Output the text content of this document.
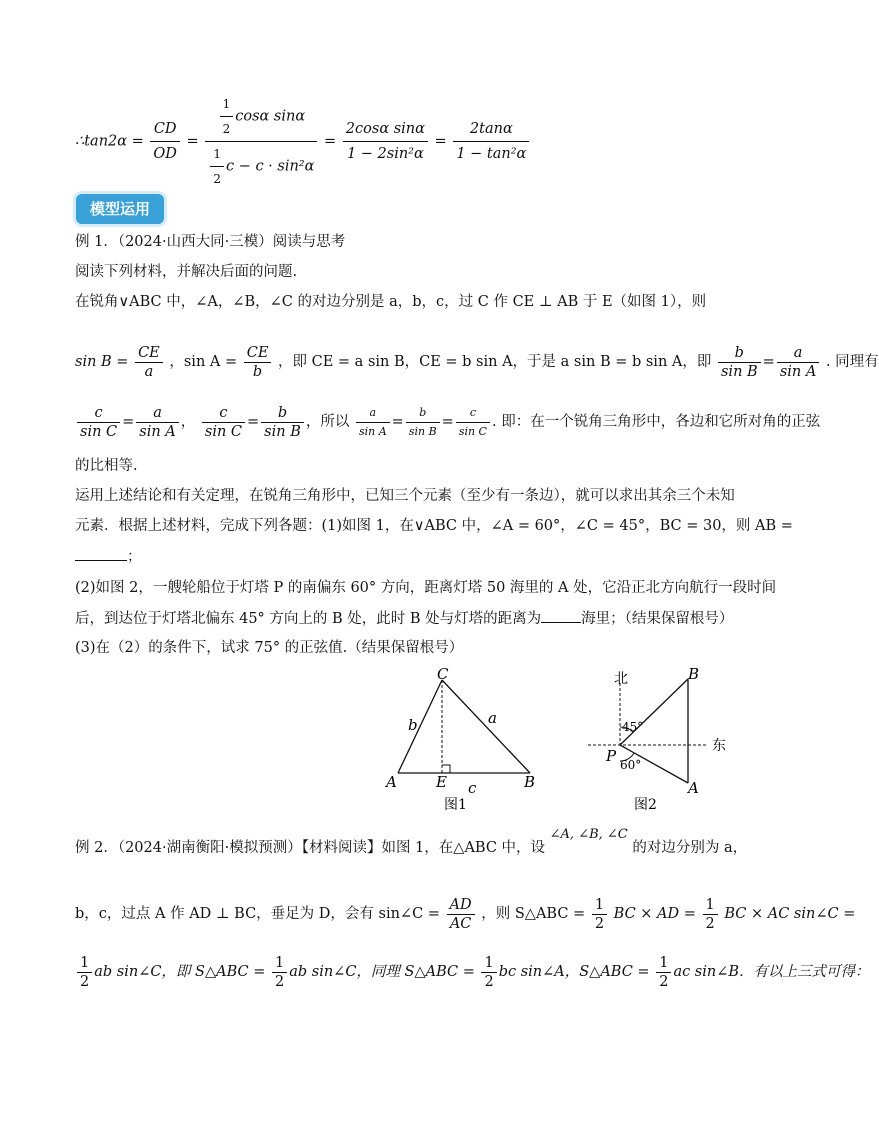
∴tan2α = $\frac{CD}{OD} = \frac{\frac{1}{2} \cos\alpha \sin\alpha}{\frac{1}{2} c - c \cdot \sin^2\alpha} = \frac{\text{2cosα sinα}}{\text{1 − 2sin²α}} = \frac{2\tan\alpha}{\text{1 − tan²α}}$
模型运用
例 1．（2024·山西大同·三模）阅读与思考
阅读下列材料，并解决后面的问题.
在锐角∨ABC 中，∠A，∠B，∠C 的对边分别是 a，b，c，过 C 作 CE ⊥ AB 于 E（如图 1），则
$\sin B = \frac{CE}{a}$ ，$\sin A = \frac{CE}{b}$ ，即 CE = a sin B，CE = b sin A，于是 a sin B = b sin A，即 $\frac{b}{\text{sin B}} = \frac{a}{\text{sin A}}$ . 同理有
$\frac{c}{\text{sin C}} = \frac{a}{\text{sin A}}$ ， $\frac{c}{\text{sin C}} = \frac{b}{\text{sin B}}$ ，所以 $\frac{a}{\text{sin A}} = \frac{b}{\text{sin B}} = \frac{c}{\text{sin C}}$ . 即：在一个锐角三角形中，各边和它所对角的正弦
的比相等.
运用上述结论和有关定理，在锐角三角形中，已知三个元素（至少有一条边），就可以求出其余三个未知
元素．根据上述材料，完成下列各题：(1)如图 1，在∨ABC 中，∠A = 60°，∠C = 45°，BC = 30，则 AB =
；
(2)如图 2，一艘轮船位于灯塔 P 的南偏东 60° 方向，距离灯塔 50 海里的 A 处，它沿正北方向航行一段时间
后，到达位于灯塔北偏东 45° 方向上的 B 处，此时 B 处与灯塔的距离为	海里；（结果保留根号）
(3)在（2）的条件下，试求 75° 的正弦值.（结果保留根号）
C
A	B
E
b	a
c
图1
北
东
B
A
P
45°
60°
图2
例 2．（2024·湖南衡阳·模拟预测）【材料阅读】如图 1，在△ABC 中，设 ∠A, ∠B, ∠C 的对边分别为 a，
b，c，过点 A 作 AD ⊥ BC，垂足为 D，会有 sin∠C = $\frac{AD}{AC}$ ，则 S△ABC = $\frac{1}{2}$ BC × AD = $\frac{1}{2}$ BC × AC sin∠C =
$\frac{1}{2}$ ab sin∠C，即 S△ABC = $\frac{1}{2}$ ab sin∠C，同理 S△ABC = $\frac{1}{2}$ bc sin∠A，S△ABC = $\frac{1}{2}$ ac sin∠B．有以上三式可得：
